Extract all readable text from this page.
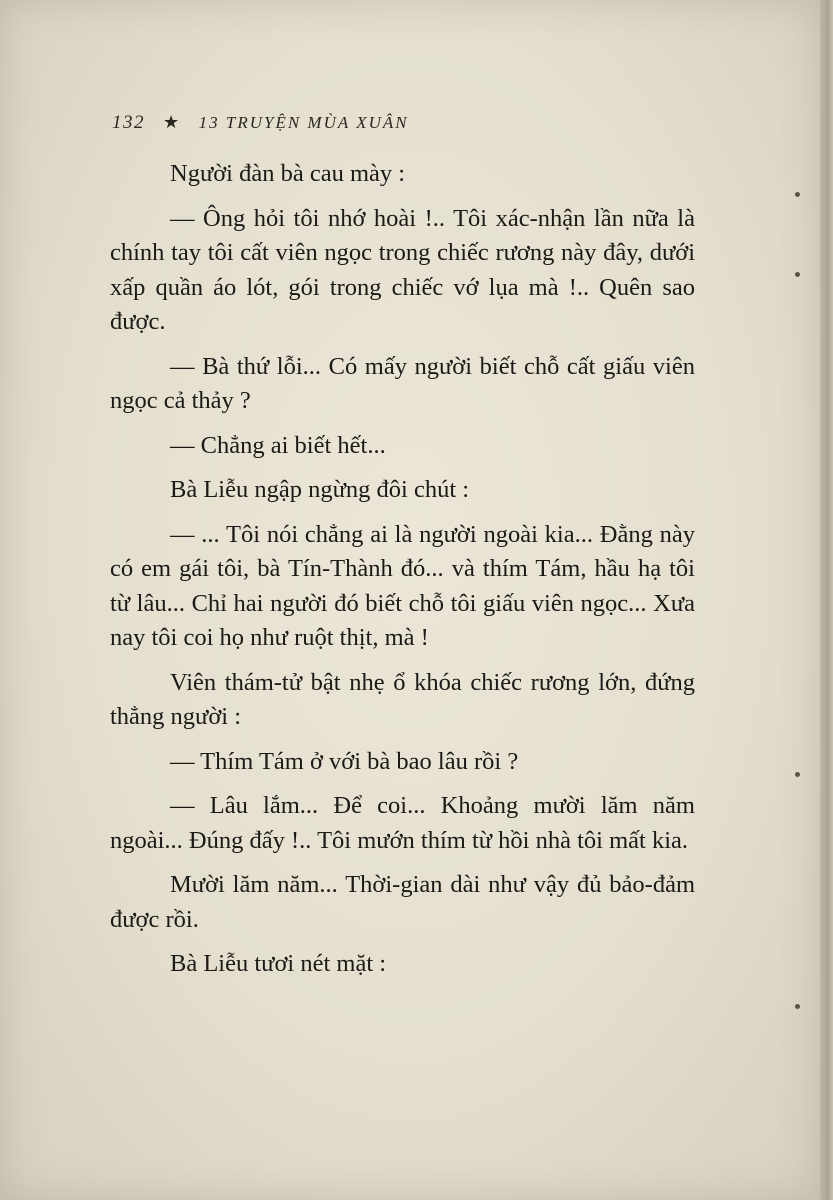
132 ★ 13 TRUYỆN MÙA XUÂN

Người đàn bà cau mày :

— Ông hỏi tôi nhớ hoài !.. Tôi xác-nhận lần nữa là chính tay tôi cất viên ngọc trong chiếc rương này đây, dưới xấp quần áo lót, gói trong chiếc vớ lụa mà !.. Quên sao được.

— Bà thứ lỗi... Có mấy người biết chỗ cất giấu viên ngọc cả thảy ?

— Chẳng ai biết hết...

Bà Liễu ngập ngừng đôi chút :

— ... Tôi nói chẳng ai là người ngoài kia... Đằng này có em gái tôi, bà Tín-Thành đó... và thím Tám, hầu hạ tôi từ lâu... Chỉ hai người đó biết chỗ tôi giấu viên ngọc... Xưa nay tôi coi họ như ruột thịt, mà !

Viên thám-tử bật nhẹ ổ khóa chiếc rương lớn, đứng thẳng người :

— Thím Tám ở với bà bao lâu rồi ?

— Lâu lắm... Để coi... Khoảng mười lăm năm ngoài... Đúng đấy !.. Tôi mướn thím từ hồi nhà tôi mất kia.

Mười lăm năm... Thời-gian dài như vậy đủ bảo-đảm được rồi.

Bà Liễu tươi nét mặt :
